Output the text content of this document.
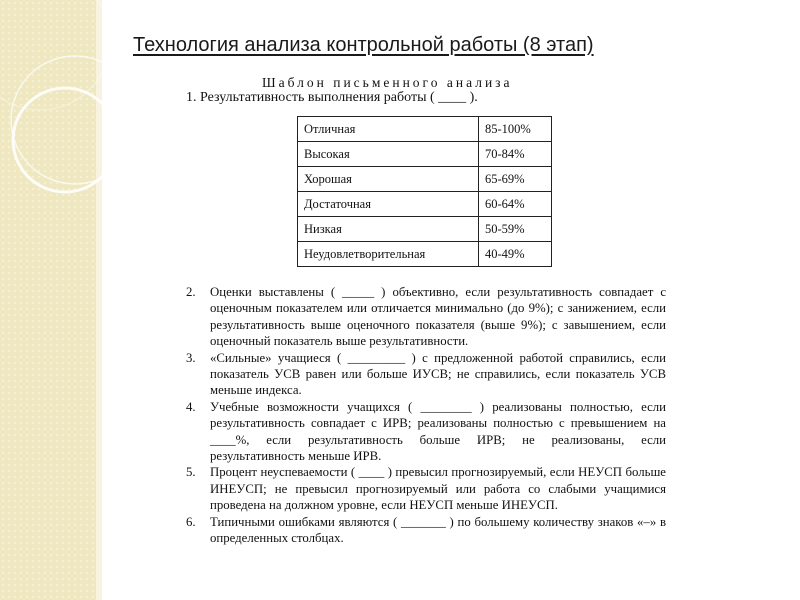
Технология анализа контрольной работы (8 этап)
Шаблон письменного анализа
1. Результативность выполнения работы ( ____ ).
Отличная	85-100%
Высокая	70-84%
Хорошая	65-69%
Достаточная	60-64%
Низкая	50-59%
Неудовлетворительная	40-49%
2.	Оценки выставлены ( _____ ) объективно, если результативность совпадает с оценочным показателем или отличается минимально (до 9%); с занижением, если результативность выше оценочного показателя (выше 9%); с завышением, если оценочный показатель выше результативности.
3.	«Сильные» учащиеся ( _________ ) с предложенной работой справились, если показатель УСВ равен или больше ИУСВ; не справились, если показатель УСВ меньше индекса.
4.	Учебные возможности учащихся ( ________ ) реализованы полностью, если результативность совпадает с ИРВ; реализованы полностью с превышением на ____%, если результативность больше ИРВ; не реализованы, если результативность меньше ИРВ.
5.	Процент неуспеваемости ( ____ ) превысил прогнозируемый, если НЕУСП больше ИНЕУСП; не превысил прогнозируемый или работа со слабыми учащимися проведена на должном уровне, если НЕУСП меньше ИНЕУСП.
6.	Типичными ошибками являются ( _______ ) по большему количеству знаков «–» в определенных столбцах.
